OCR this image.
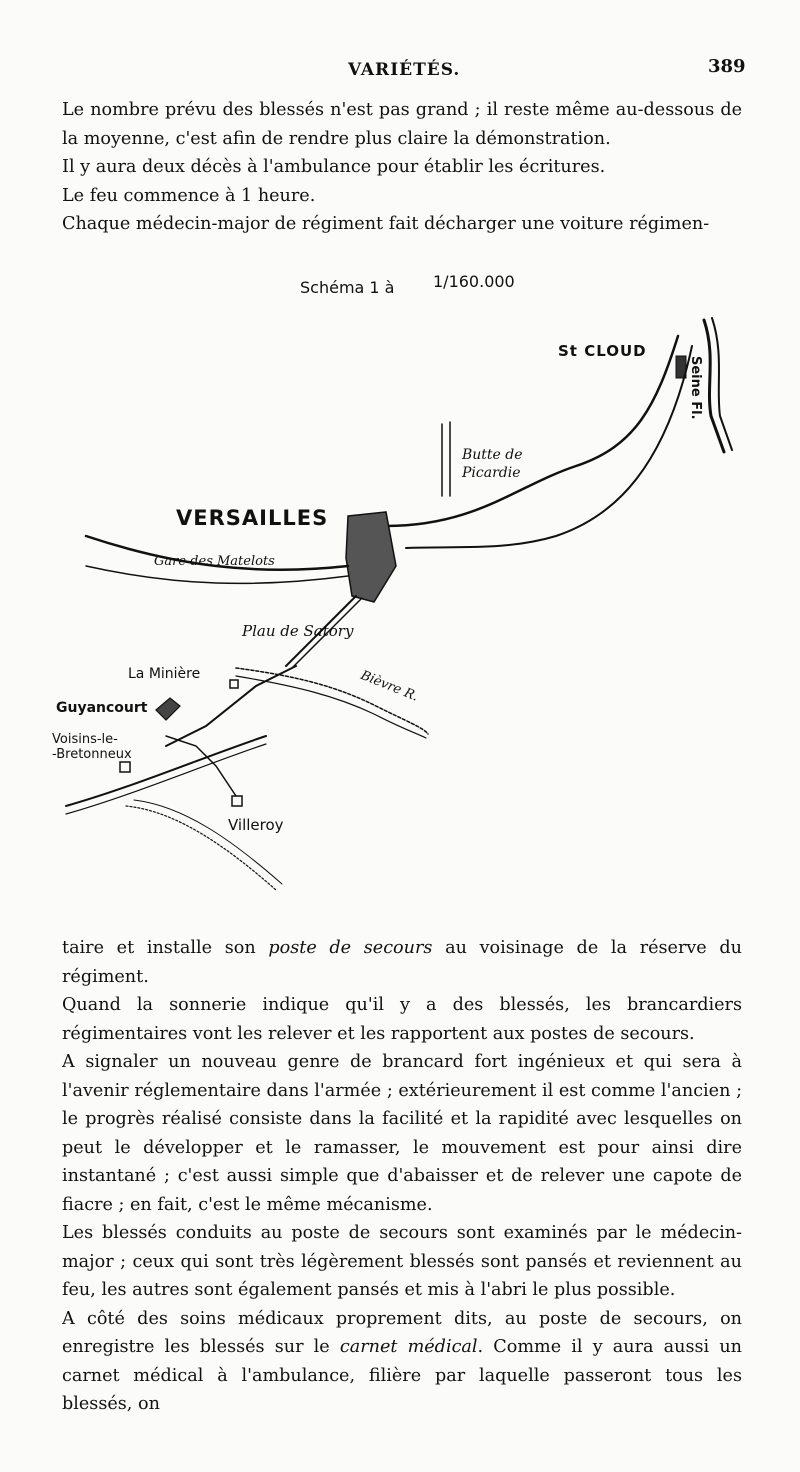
VARIÉTÉS.	389

Le nombre prévu des blessés n'est pas grand ; il reste même au-dessous de la moyenne, c'est afin de rendre plus claire la démonstration.

Il y aura deux décès à l'ambulance pour établir les écritures.

Le feu commence à 1 heure.

Chaque médecin-major de régiment fait décharger une voiture régimen-

Schéma 1 à 1/160.000
St CLOUD
Seine Fl.
Butte de
Picardie
VERSAILLES
Gare des Matelots
Plau de Satory
La Minière	Bièvre R.
Guyancourt
Voisins-le-
-Bretonneux
Villeroy

taire et installe son poste de secours au voisinage de la réserve du régiment.

Quand la sonnerie indique qu'il y a des blessés, les brancardiers régimentaires vont les relever et les rapportent aux postes de secours.

A signaler un nouveau genre de brancard fort ingénieux et qui sera à l'avenir réglementaire dans l'armée ; extérieurement il est comme l'ancien ; le progrès réalisé consiste dans la facilité et la rapidité avec lesquelles on peut le développer et le ramasser, le mouvement est pour ainsi dire instantané ; c'est aussi simple que d'abaisser et de relever une capote de fiacre ; en fait, c'est le même mécanisme.

Les blessés conduits au poste de secours sont examinés par le médecin-major ; ceux qui sont très légèrement blessés sont pansés et reviennent au feu, les autres sont également pansés et mis à l'abri le plus possible.

A côté des soins médicaux proprement dits, au poste de secours, on enregistre les blessés sur le carnet médical. Comme il y aura aussi un carnet médical à l'ambulance, filière par laquelle passeront tous les blessés, on
